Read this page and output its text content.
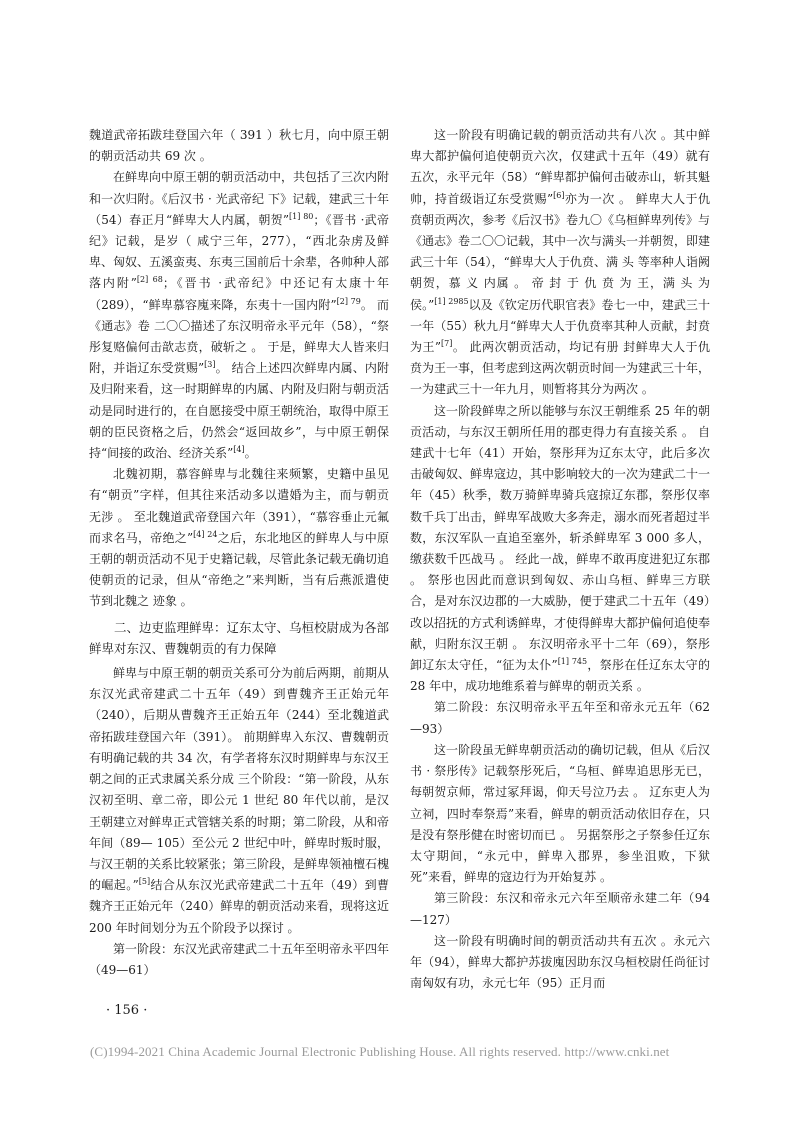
魏道武帝拓跋珪登国六年（ 391 ）秋七月，向中原王朝的朝贡活动共 69 次 。

在鲜卑向中原王朝的朝贡活动中，共包括了三次内附和一次归附。《后汉书 · 光武帝纪 下》记载，建武三十年（54）春正月“鲜卑大人内属，朝贺”$^{[1] 80}$；《晋书 ·武帝纪》记载，是岁（ 咸宁三年，277），“西北杂虏及鲜卑、匈奴、五溪蛮夷、东夷三国前后十余辈，各帅种人部落内附”$^{[2] 68}$；《晋书 ·武帝纪》中还记有太康十年（289），“鲜卑慕容廆来降，东夷十一国内附”$^{[2] 79}$。 而《通志》卷 二〇〇描述了东汉明帝永平元年（58），“祭彤复赂偏何击歆志贲，破斩之 。 于是，鲜卑大人皆来归附，并诣辽东受赏赐”[3]。 结合上述四次鲜卑内属、内附及归附来看，这一时期鲜卑的内属、内附及归附与朝贡活动是同时进行的，在自愿接受中原王朝统治，取得中原王朝的臣民资格之后，仍然会“返回故乡”，与中原王朝保持“间接的政治、经济关系”[4]。

北魏初期，慕容鲜卑与北魏往来频繁，史籍中虽见有“朝贡”字样，但其往来活动多以遣婚为主，而与朝贡无涉 。 至北魏道武帝登国六年（391），“慕容垂止元氟而求名马，帝绝之”$^{[4] 24}$之后，东北地区的鲜卑人与中原王朝的朝贡活动不见于史籍记载，尽管此条记载无确切追使朝贡的记录，但从“帝绝之”来判断，当有后燕派遣使节到北魏之 迹象 。

二、边吏监理鲜卑：辽东太守、乌桓校尉成为各部鲜卑对东汉、曹魏朝贡的有力保障

鲜卑与中原王朝的朝贡关系可分为前后两期，前期从东汉光武帝建武二十五年（49）到曹魏齐王正始元年（240），后期从曹魏齐王正始五年（244）至北魏道武帝拓跋珪登国六年（391）。 前期鲜卑入东汉、曹魏朝贡有明确记载的共 34 次，有学者将东汉时期鲜卑与东汉王朝之间的正式隶属关系分成 三个阶段：“第一阶段，从东汉初至明、章二帝，即公元 1 世纪 80 年代以前，是汉王朝建立对鲜卑正式管辖关系的时期；第二阶段，从和帝年间（89— 105）至公元 2 世纪中叶，鲜卑时叛时服，与汉王朝的关系比较紧张；第三阶段，是鲜卑领袖檀石槐的崛起。”[5]结合从东汉光武帝建武二十五年（49）到曹魏齐王正始元年（240）鲜卑的朝贡活动来看，现将这近 200 年时间划分为五个阶段予以探讨 。

第一阶段：东汉光武帝建武二十五年至明帝永平四年（49—61）

这一阶段有明确记载的朝贡活动共有八次 。其中鲜卑大都护偏何追使朝贡六次，仅建武十五年（49）就有五次，永平元年（58）“鲜卑都护偏何击破赤山，斩其魁帅，持首级诣辽东受赏赐”[6]亦为一次 。 鲜卑大人于仇贲朝贡两次，参考《后汉书》卷九〇《乌桓鲜卑列传》与《通志》卷二〇〇记载，其中一次与满头一并朝贺，即建武三十年（54），“鲜卑大人于仇贲、满 头 等率种人诣阙朝贺，慕 义 内属 。 帝 封 于 仇 贲 为 王，满 头 为侯。”$^{[1] 2985}$以及《钦定历代职官表》卷七一中，建武三十一年（55）秋九月“鲜卑大人于仇贲率其种人贡献，封贲为王”[7]。 此两次朝贡活动，均记有册 封鲜卑大人于仇贲为王一事，但考虑到这两次朝贡时间一为建武三十年，一为建武三十一年九月，则暂将其分为两次 。

这一阶段鲜卑之所以能够与东汉王朝维系 25 年的朝贡活动，与东汉王朝所任用的郡吏得力有直接关系 。 自建武十七年（41）开始，祭彤拜为辽东太守，此后多次击破匈奴、鲜卑寇边，其中影响较大的一次为建武二十一年（45）秋季，数万骑鲜卑骑兵寇掠辽东郡，祭彤仅率数千兵丁出击，鲜卑军战败大多奔走，溺水而死者超过半数，东汉军队一直追至塞外，斩杀鲜卑军 3 000 多人，缴获数千匹战马 。 经此一战，鲜卑不敢再度进犯辽东郡 。 祭彤也因此而意识到匈奴、赤山乌桓、鲜卑三方联合，是对东汉边郡的一大威胁，便于建武二十五年（49）改以招抚的方式利诱鲜卑，才使得鲜卑大都护偏何追使奉献，归附东汉王朝 。 东汉明帝永平十二年（69），祭彤卸辽东太守任，“征为太仆”$^{[1] 745}$，祭彤在任辽东太守的 28 年中，成功地维系着与鲜卑的朝贡关系 。

第二阶段：东汉明帝永平五年至和帝永元五年（62—93）

这一阶段虽无鲜卑朝贡活动的确切记载，但从《后汉书 · 祭彤传》记载祭彤死后，“乌桓、鲜卑追思彤无已，每朝贺京师，常过冢拜谒，仰天号泣乃去 。 辽东吏人为立祠，四时奉祭焉”来看，鲜卑的朝贡活动依旧存在，只是没有祭彤健在时密切而已 。 另据祭彤之子祭参任辽东太守期间，“永元中，鲜卑入郡界，参坐沮败，下狱死”来看，鲜卑的寇边行为开始复苏 。

第三阶段：东汉和帝永元六年至顺帝永建二年（94—127）

这一阶段有明确时间的朝贡活动共有五次 。永元六年（94），鲜卑大都护苏拔廆因助东汉乌桓校尉任尚征讨南匈奴有功，永元七年（95）正月而

· 156 ·
(C)1994-2021 China Academic Journal Electronic Publishing House. All rights reserved. http://www.cnki.net
